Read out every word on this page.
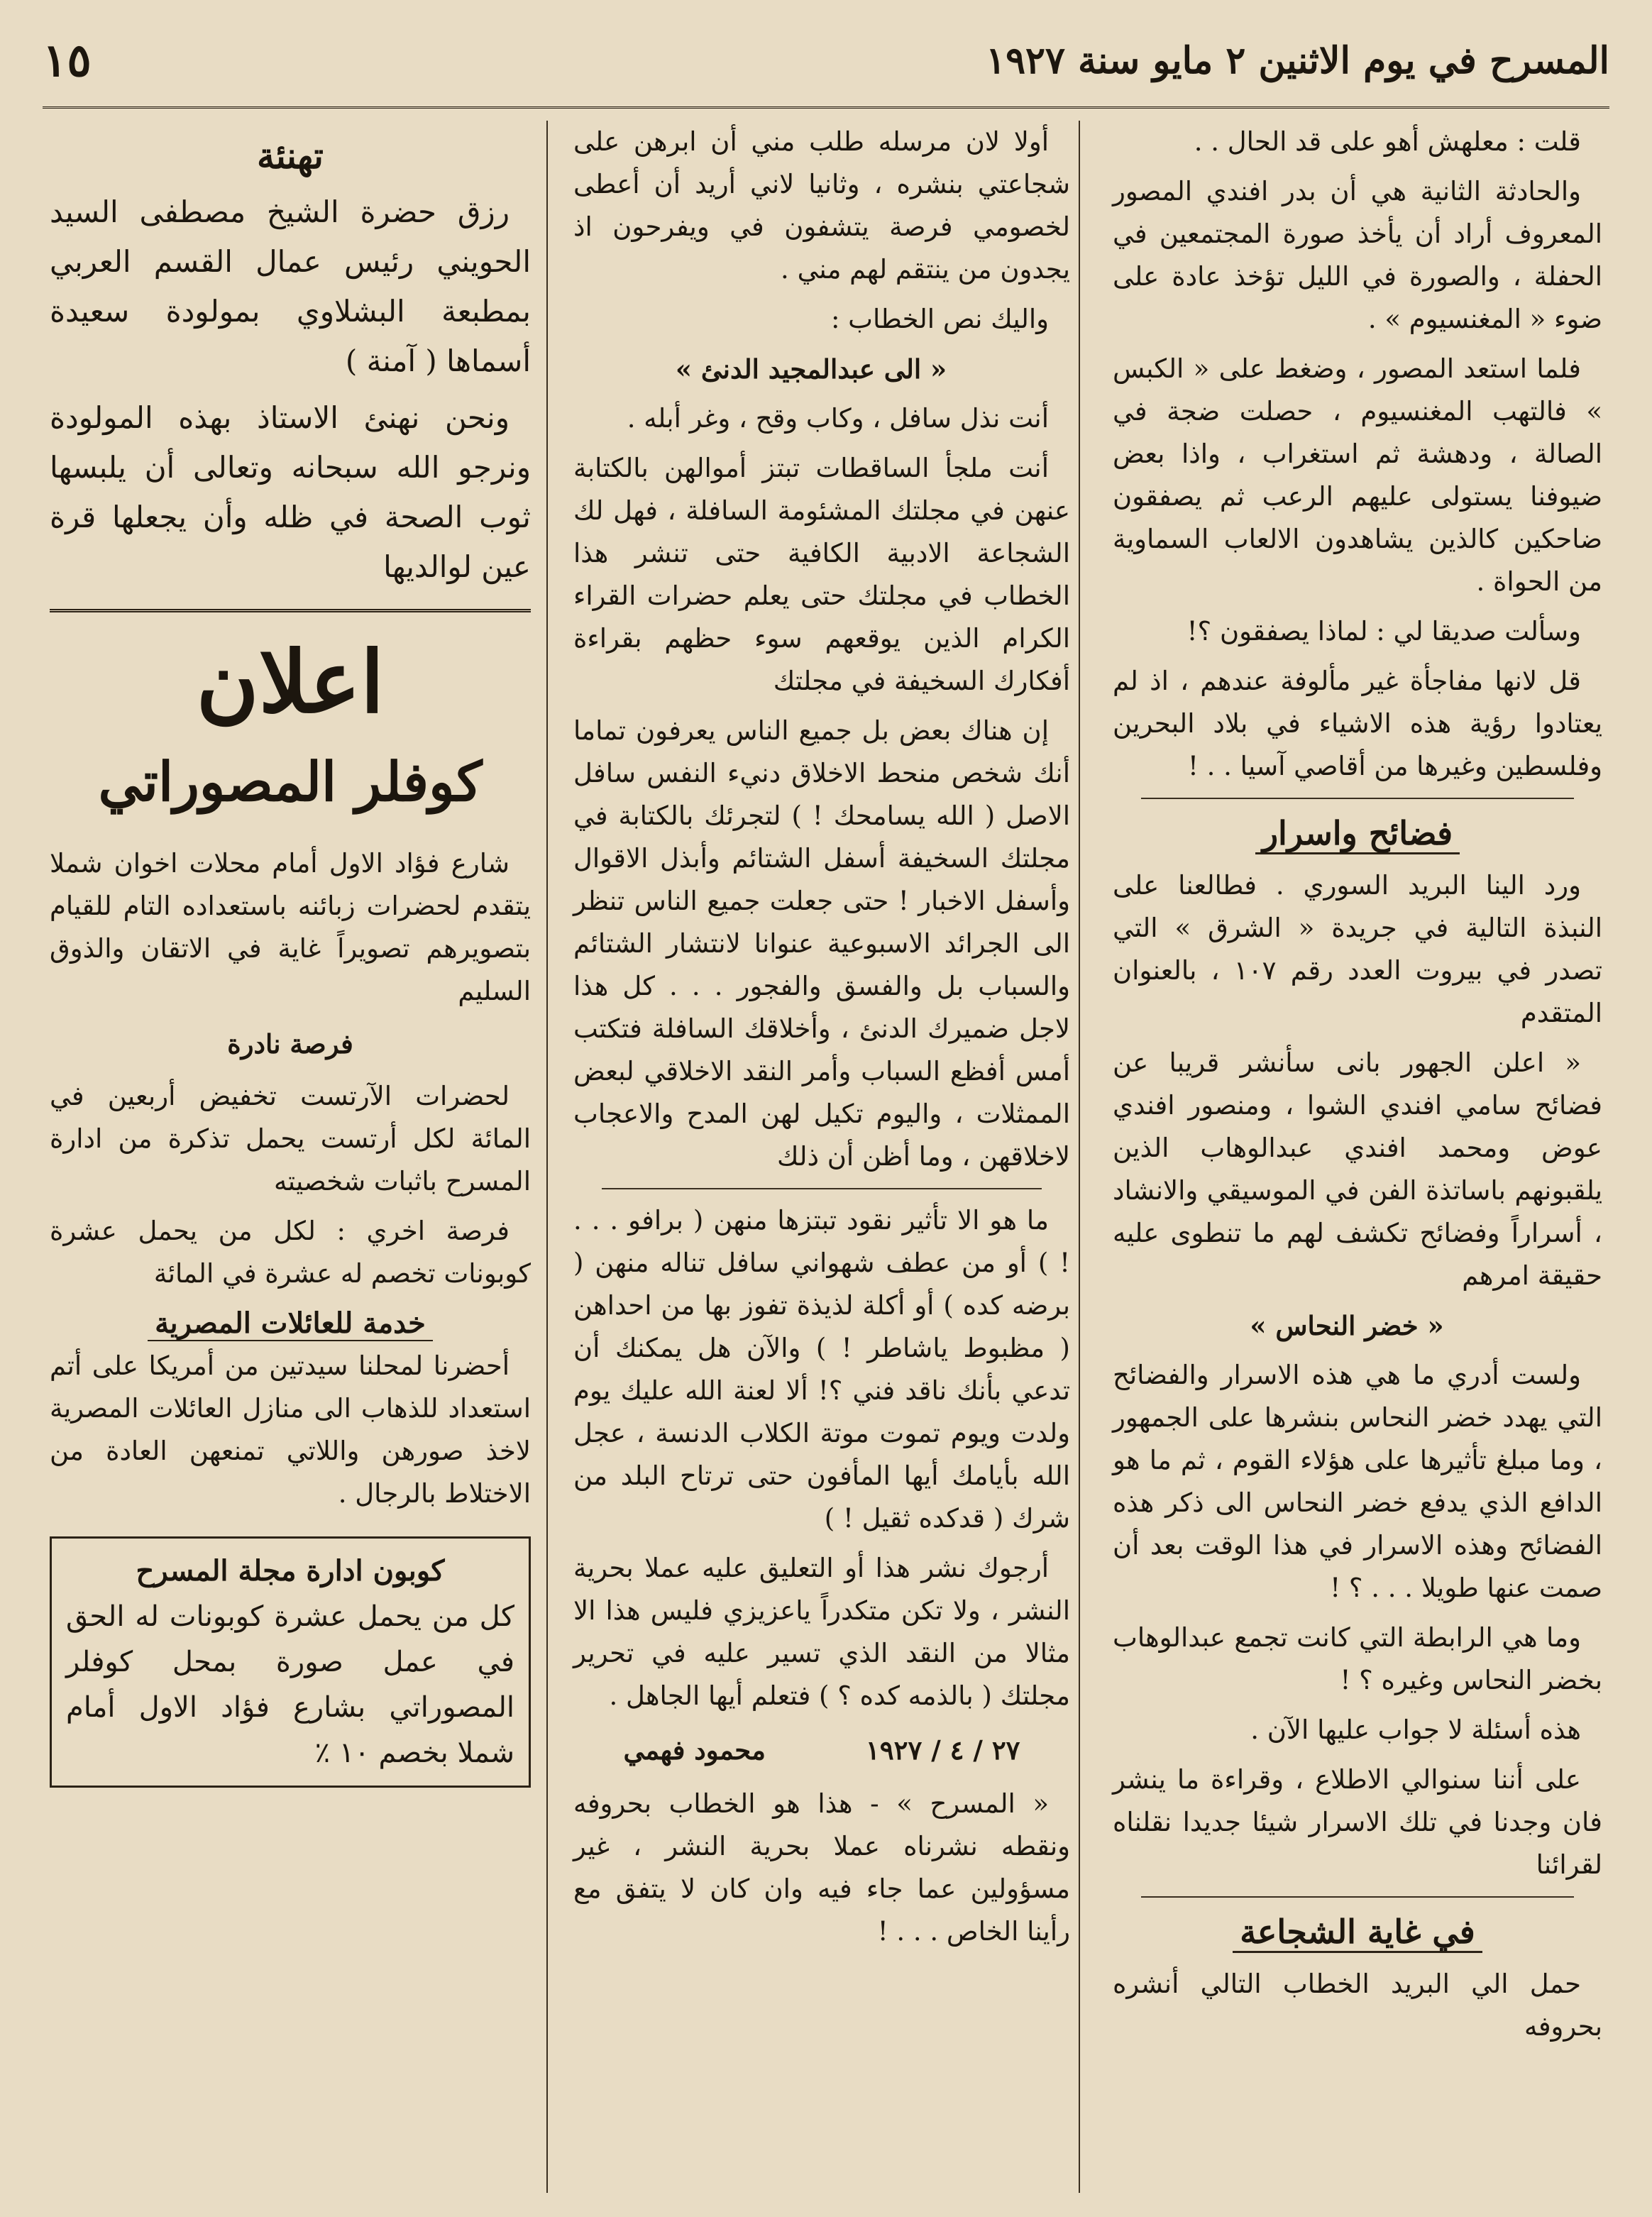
المسرح في يوم الاثنين ٢ مايو سنة ١٩٢٧
١٥

قلت : معلهش أهو على قد الحال . .

والحادثة الثانية هي أن بدر افندي المصور المعروف أراد أن يأخذ صورة المجتمعين في الحفلة ، والصورة في الليل تؤخذ عادة على ضوء « المغنسيوم » .

فلما استعد المصور ، وضغط على « الكبس » فالتهب المغنسيوم ، حصلت ضجة في الصالة ، ودهشة ثم استغراب ، واذا بعض ضيوفنا يستولى عليهم الرعب ثم يصفقون ضاحكين كالذين يشاهدون الالعاب السماوية من الحواة .

وسألت صديقا لي : لماذا يصفقون ؟!

قل لانها مفاجأة غير مألوفة عندهم ، اذ لم يعتادوا رؤية هذه الاشياء في بلاد البحرين وفلسطين وغيرها من أقاصي آسيا . . !

فضائح واسرار

ورد الينا البريد السوري . فطالعنا على النبذة التالية في جريدة « الشرق » التي تصدر في بيروت العدد رقم ١٠٧ ، بالعنوان المتقدم

« اعلن الجهور بانى سأنشر قريبا عن فضائح سامي افندي الشوا ، ومنصور افندي عوض ومحمد افندي عبدالوهاب الذين يلقبونهم باساتذة الفن في الموسيقي والانشاد ، أسراراً وفضائح تكشف لهم ما تنطوى عليه حقيقة امرهم

« خضر النحاس »

ولست أدري ما هي هذه الاسرار والفضائح التي يهدد خضر النحاس بنشرها على الجمهور ، وما مبلغ تأثيرها على هؤلاء القوم ، ثم ما هو الدافع الذي يدفع خضر النحاس الى ذكر هذه الفضائح وهذه الاسرار في هذا الوقت بعد أن صمت عنها طويلا . . . ؟ !

وما هي الرابطة التي كانت تجمع عبدالوهاب بخضر النحاس وغيره ؟ !

هذه أسئلة لا جواب عليها الآن .

على أننا سنوالي الاطلاع ، وقراءة ما ينشر فان وجدنا في تلك الاسرار شيئا جديدا نقلناه لقرائنا

في غاية الشجاعة

حمل الي البريد الخطاب التالي أنشره بحروفه

أولا لان مرسله طلب مني أن ابرهن على شجاعتي بنشره ، وثانيا لاني أريد أن أعطى لخصومي فرصة يتشفون في ويفرحون اذ يجدون من ينتقم لهم مني .

واليك نص الخطاب :

« الى عبدالمجيد الدنئ »

أنت نذل سافل ، وكاب وقح ، وغر أبله .

أنت ملجأ الساقطات تبتز أموالهن بالكتابة عنهن في مجلتك المشئومة السافلة ، فهل لك الشجاعة الادبية الكافية حتى تنشر هذا الخطاب في مجلتك حتى يعلم حضرات القراء الكرام الذين يوقعهم سوء حظهم بقراءة أفكارك السخيفة في مجلتك

إن هناك بعض بل جميع الناس يعرفون تماما أنك شخص منحط الاخلاق دنيء النفس سافل الاصل ( الله يسامحك ! ) لتجرئك بالكتابة في مجلتك السخيفة أسفل الشتائم وأبذل الاقوال وأسفل الاخبار ! حتى جعلت جميع الناس تنظر الى الجرائد الاسبوعية عنوانا لانتشار الشتائم والسباب بل والفسق والفجور . . . كل هذا لاجل ضميرك الدنئ ، وأخلاقك السافلة فتكتب أمس أفظع السباب وأمر النقد الاخلاقي لبعض الممثلات ، واليوم تكيل لهن المدح والاعجاب لاخلاقهن ، وما أظن أن ذلك

ما هو الا تأثير نقود تبتزها منهن ( برافو . . . ! ) أو من عطف شهواني سافل تناله منهن ( برضه كده ) أو أكلة لذيذة تفوز بها من احداهن ( مظبوط ياشاطر ! ) والآن هل يمكنك أن تدعي بأنك ناقد فني ؟! ألا لعنة الله عليك يوم ولدت ويوم تموت موتة الكلاب الدنسة ، عجل الله بأيامك أيها المأفون حتى ترتاح البلد من شرك ( قدكده ثقيل ! )

أرجوك نشر هذا أو التعليق عليه عملا بحرية النشر ، ولا تكن متكدراً ياعزيزي فليس هذا الا مثالا من النقد الذي تسير عليه في تحرير مجلتك ( بالذمه كده ؟ ) فتعلم أيها الجاهل .

٢٧ / ٤ / ١٩٢٧
محمود فهمي

« المسرح » - هذا هو الخطاب بحروفه ونقطه نشرناه عملا بحرية النشر ، غير مسؤولين عما جاء فيه وان كان لا يتفق مع رأينا الخاص . . . !

تهنئة

رزق حضرة الشيخ مصطفى السيد الحويني رئيس عمال القسم العربي بمطبعة البشلاوي بمولودة سعيدة أسماها ( آمنة )

ونحن نهنئ الاستاذ بهذه المولودة ونرجو الله سبحانه وتعالى أن يلبسها ثوب الصحة في ظله وأن يجعلها قرة عين لوالديها

اعلان
كوفلر المصوراتي

شارع فؤاد الاول أمام محلات اخوان شملا يتقدم لحضرات زبائنه باستعداده التام للقيام بتصويرهم تصويراً غاية في الاتقان والذوق السليم

فرصة نادرة

لحضرات الآرتست تخفيض أربعين في المائة لكل أرتست يحمل تذكرة من ادارة المسرح باثبات شخصيته

فرصة اخري : لكل من يحمل عشرة كوبونات تخصم له عشرة في المائة

خدمة للعائلات المصرية

أحضرنا لمحلنا سيدتين من أمريكا على أتم استعداد للذهاب الى منازل العائلات المصرية لاخذ صورهن واللاتي تمنعهن العادة من الاختلاط بالرجال .

كوبون ادارة مجلة المسرح
كل من يحمل عشرة كوبونات له الحق في عمل صورة بمحل كوفلر المصوراتي بشارع فؤاد الاول أمام شملا بخصم ١٠ ٪
